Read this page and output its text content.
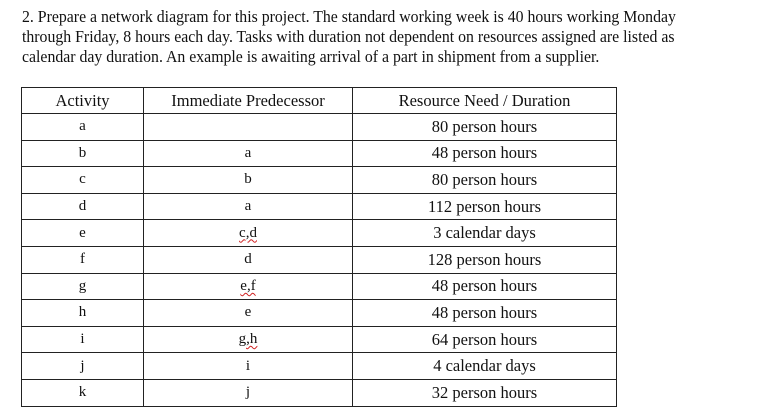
2. Prepare a network diagram for this project. The standard working week is 40 hours working Monday
through Friday, 8 hours each day. Tasks with duration not dependent on resources assigned are listed as
calendar day duration. An example is awaiting arrival of a part in shipment from a supplier.
Activity	Immediate Predecessor	Resource Need / Duration
a		80 person hours
b	a	48 person hours
c	b	80 person hours
d	a	112 person hours
e	c,d	3 calendar days
f	d	128 person hours
g	e,f	48 person hours
h	e	48 person hours
i	g,h	64 person hours
j	i	4 calendar days
k	j	32 person hours
